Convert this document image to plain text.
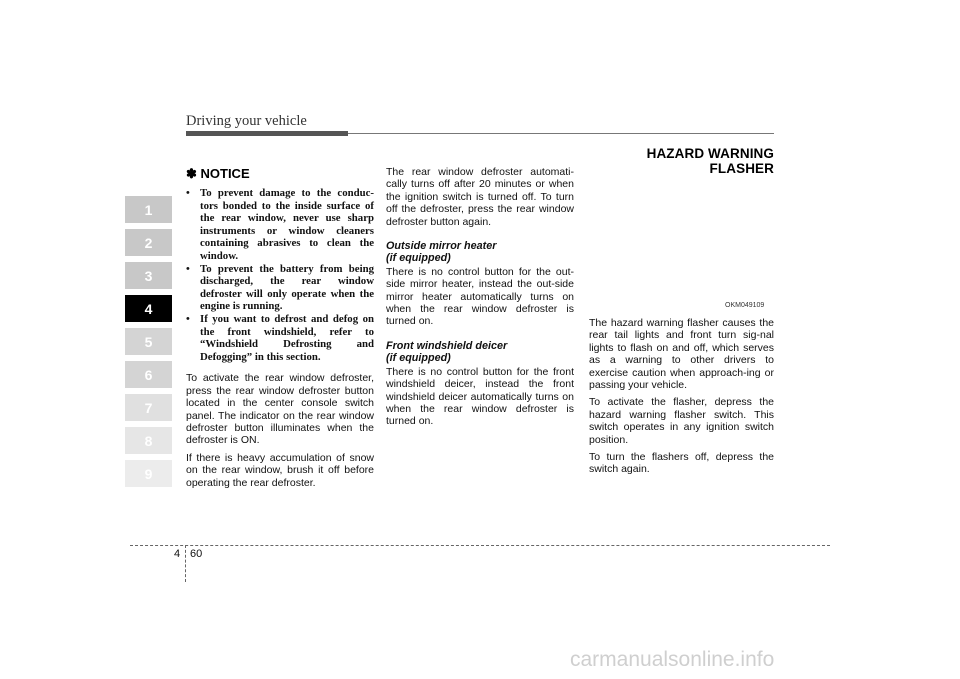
Driving your vehicle
HAZARD WARNING FLASHER
1
2
3
4
5
6
7
8
9
✽ NOTICE
• To prevent damage to the conduc-tors bonded to the inside surface of the rear window, never use sharp instruments or window cleaners containing abrasives to clean the window.
• To prevent the battery from being discharged, the rear window defroster will only operate when the engine is running.
• If you want to defrost and defog on the front windshield, refer to “Windshield Defrosting and Defogging” in this section.

To activate the rear window defroster, press the rear window defroster button located in the center console switch panel. The indicator on the rear window defroster button illuminates when the defroster is ON.

If there is heavy accumulation of snow on the rear window, brush it off before operating the rear defroster.

The rear window defroster automati-cally turns off after 20 minutes or when the ignition switch is turned off. To turn off the defroster, press the rear window defroster button again.

Outside mirror heater
(if equipped)

There is no control button for the out-side mirror heater, instead the out-side mirror heater automatically turns on when the rear window defroster is turned on.

Front windshield deicer
(if equipped)

There is no control button for the front windshield deicer, instead the front windshield deicer automatically turns on when the rear window defroster is turned on.

OKM049109

The hazard warning flasher causes the rear tail lights and front turn sig-nal lights to flash on and off, which serves as a warning to other drivers to exercise caution when approach-ing or passing your vehicle.

To activate the flasher, depress the hazard warning flasher switch. This switch operates in any ignition switch position.

To turn the flashers off, depress the switch again.

4 60
carmanualsonline.info
